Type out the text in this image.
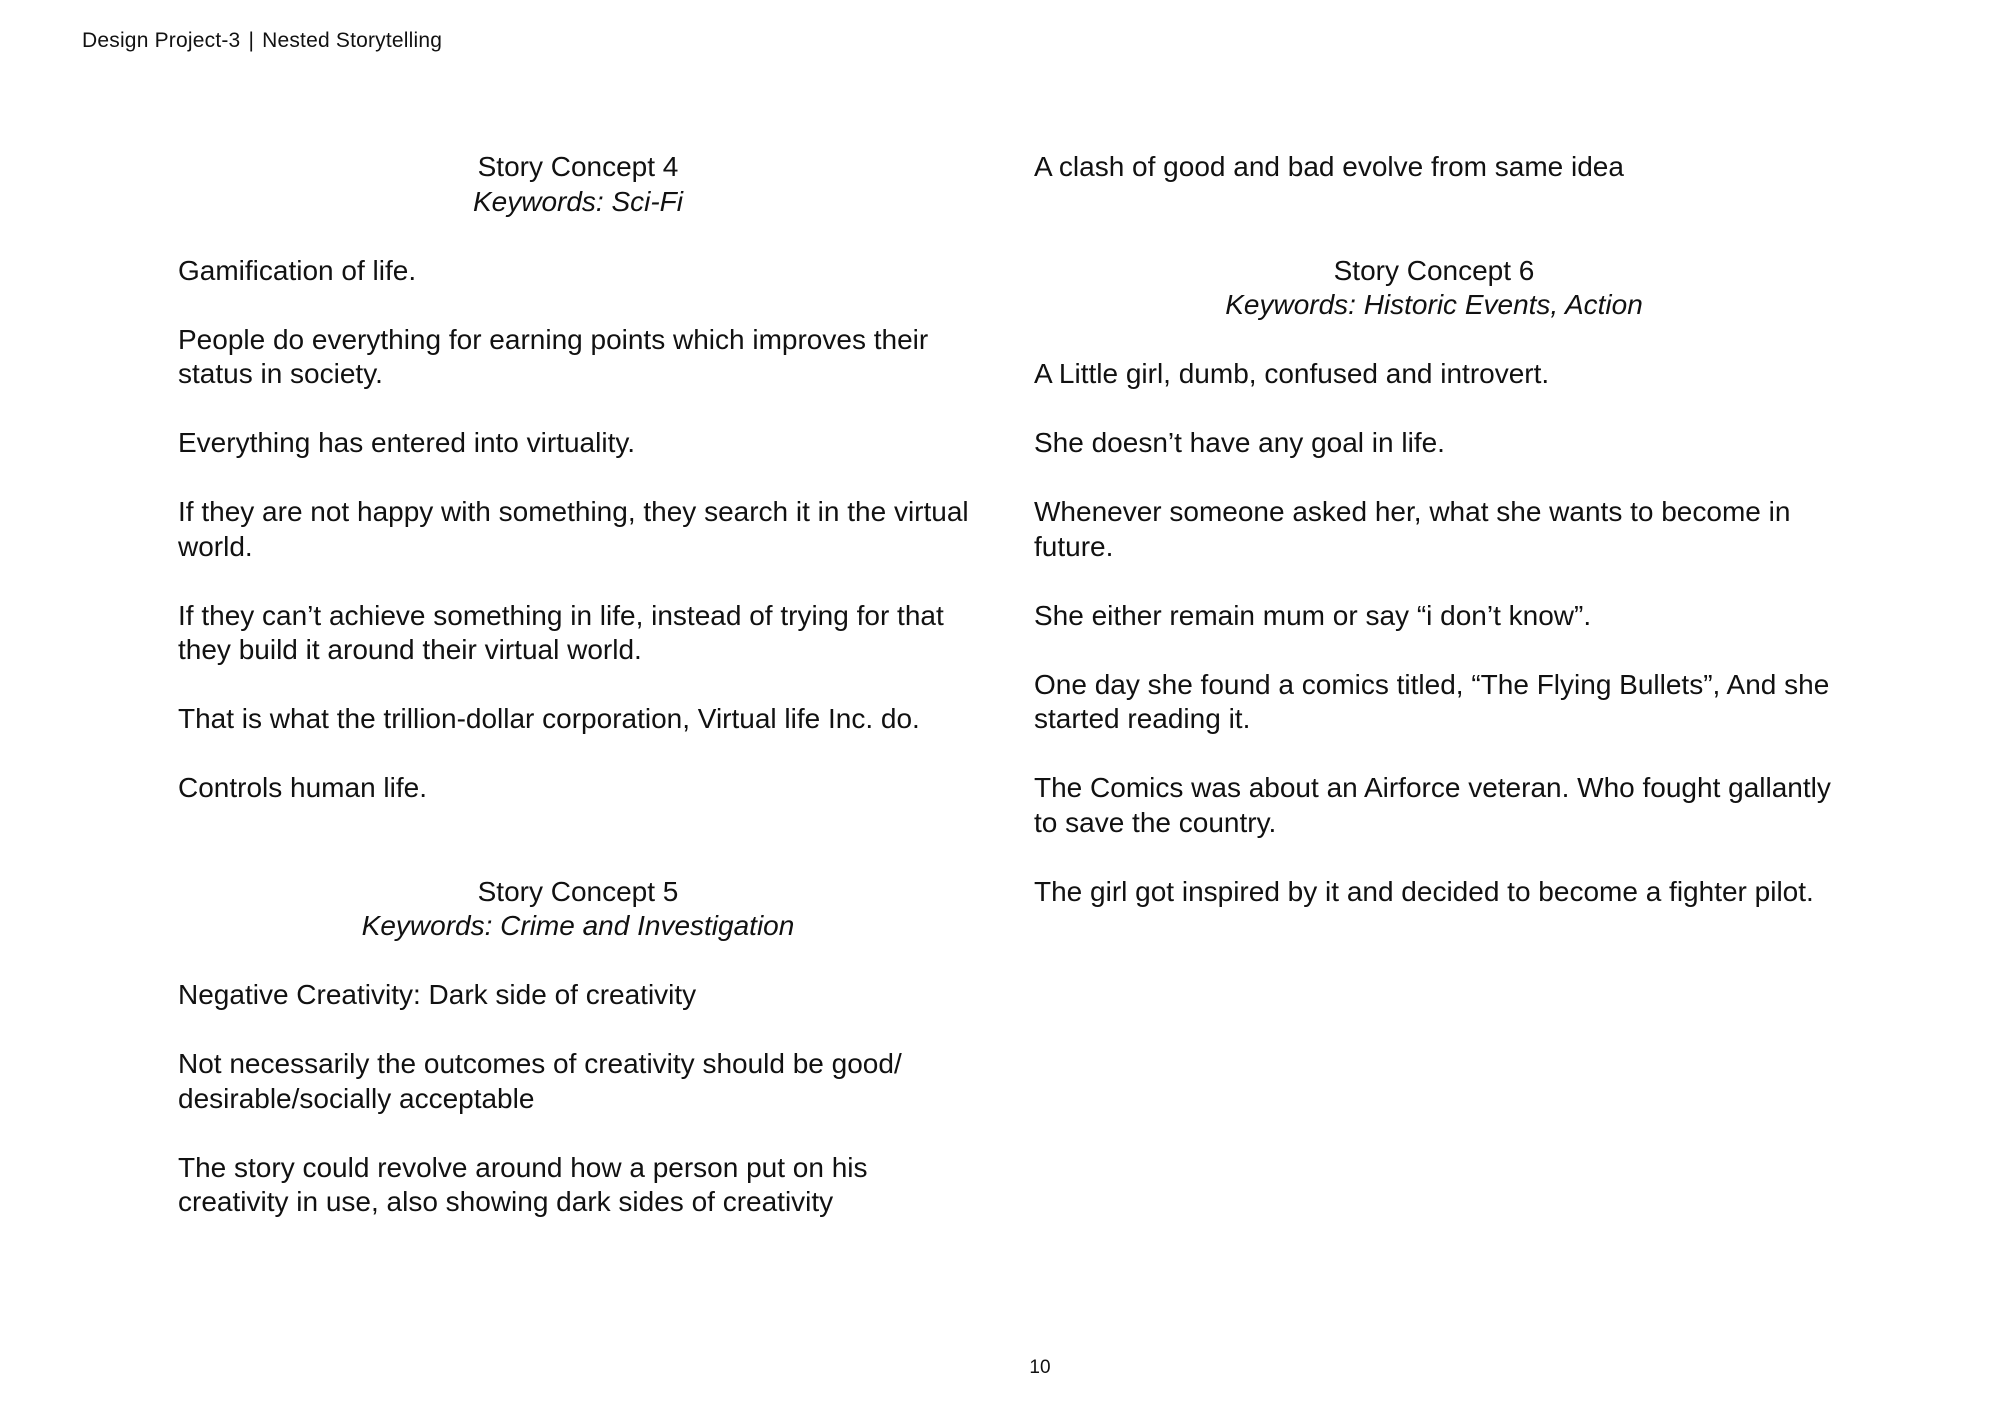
Design Project-3 | Nested Storytelling
Story Concept 4
Keywords: Sci-Fi

Gamification of life.

People do everything for earning points which improves their status in society.

Everything has entered into virtuality.

If they are not happy with something, they search it in the virtual world.

If they can’t achieve something in life, instead of trying for that they build it around their virtual world.

That is what the trillion-dollar corporation, Virtual life Inc. do.

Controls human life.

Story Concept 5
Keywords: Crime and Investigation

Negative Creativity: Dark side of creativity

Not necessarily the outcomes of creativity should be good/ desirable/socially acceptable

The story could revolve around how a person put on his creativity in use, also showing dark sides of creativity

A clash of good and bad evolve from same idea

Story Concept 6
Keywords: Historic Events, Action

A Little girl, dumb, confused and introvert.

She doesn’t have any goal in life.

Whenever someone asked her, what she wants to become in future.

She either remain mum or say “i don’t know”.

One day she found a comics titled, “The Flying Bullets”, And she started reading it.

The Comics was about an Airforce veteran. Who fought gallantly to save the country.

The girl got inspired by it and decided to become a fighter pilot.

10
